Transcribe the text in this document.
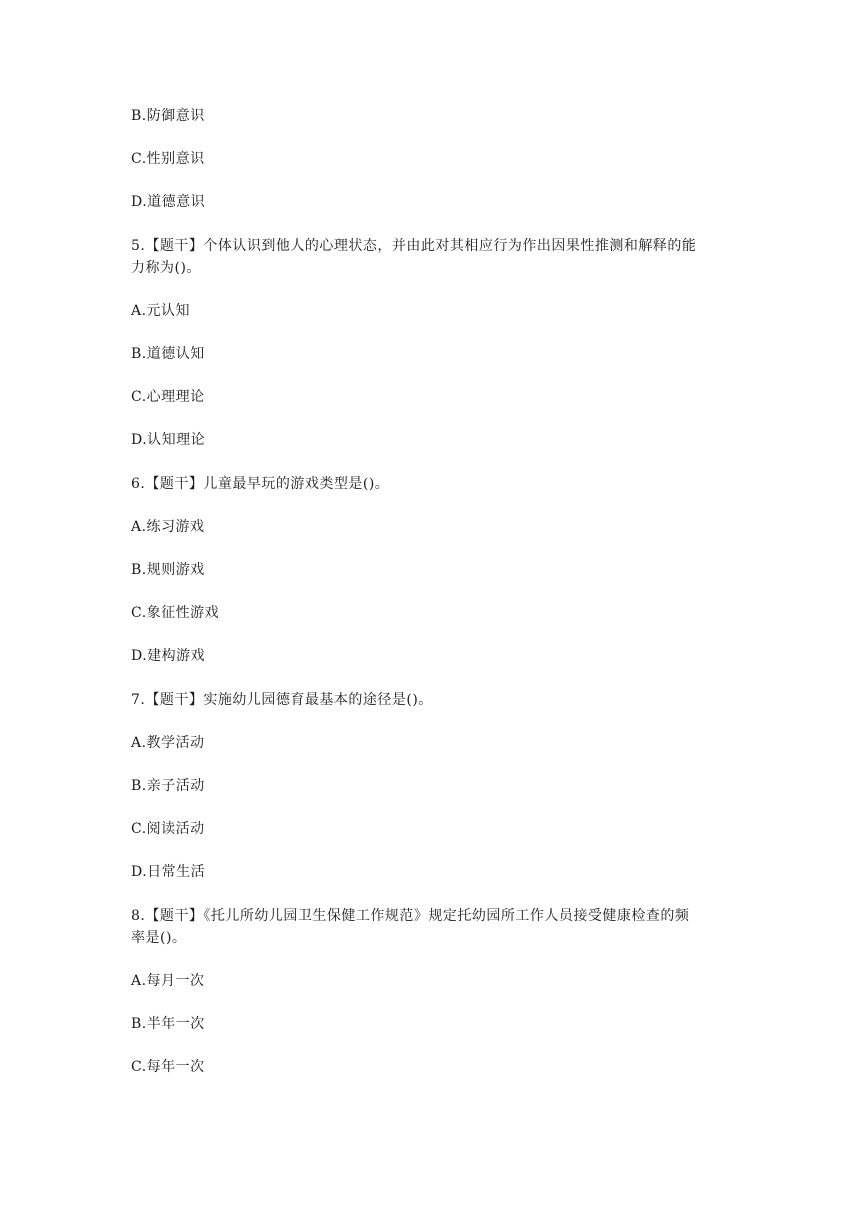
B.防御意识
C.性别意识
D.道德意识
5.【题干】个体认识到他人的心理状态，并由此对其相应行为作出因果性推测和解释的能
力称为()。
A.元认知
B.道德认知
C.心理理论
D.认知理论
6.【题干】儿童最早玩的游戏类型是()。
A.练习游戏
B.规则游戏
C.象征性游戏
D.建构游戏
7.【题干】实施幼儿园德育最基本的途径是()。
A.教学活动
B.亲子活动
C.阅读活动
D.日常生活
8.【题干】《托儿所幼儿园卫生保健工作规范》规定托幼园所工作人员接受健康检查的频
率是()。
A.每月一次
B.半年一次
C.每年一次
